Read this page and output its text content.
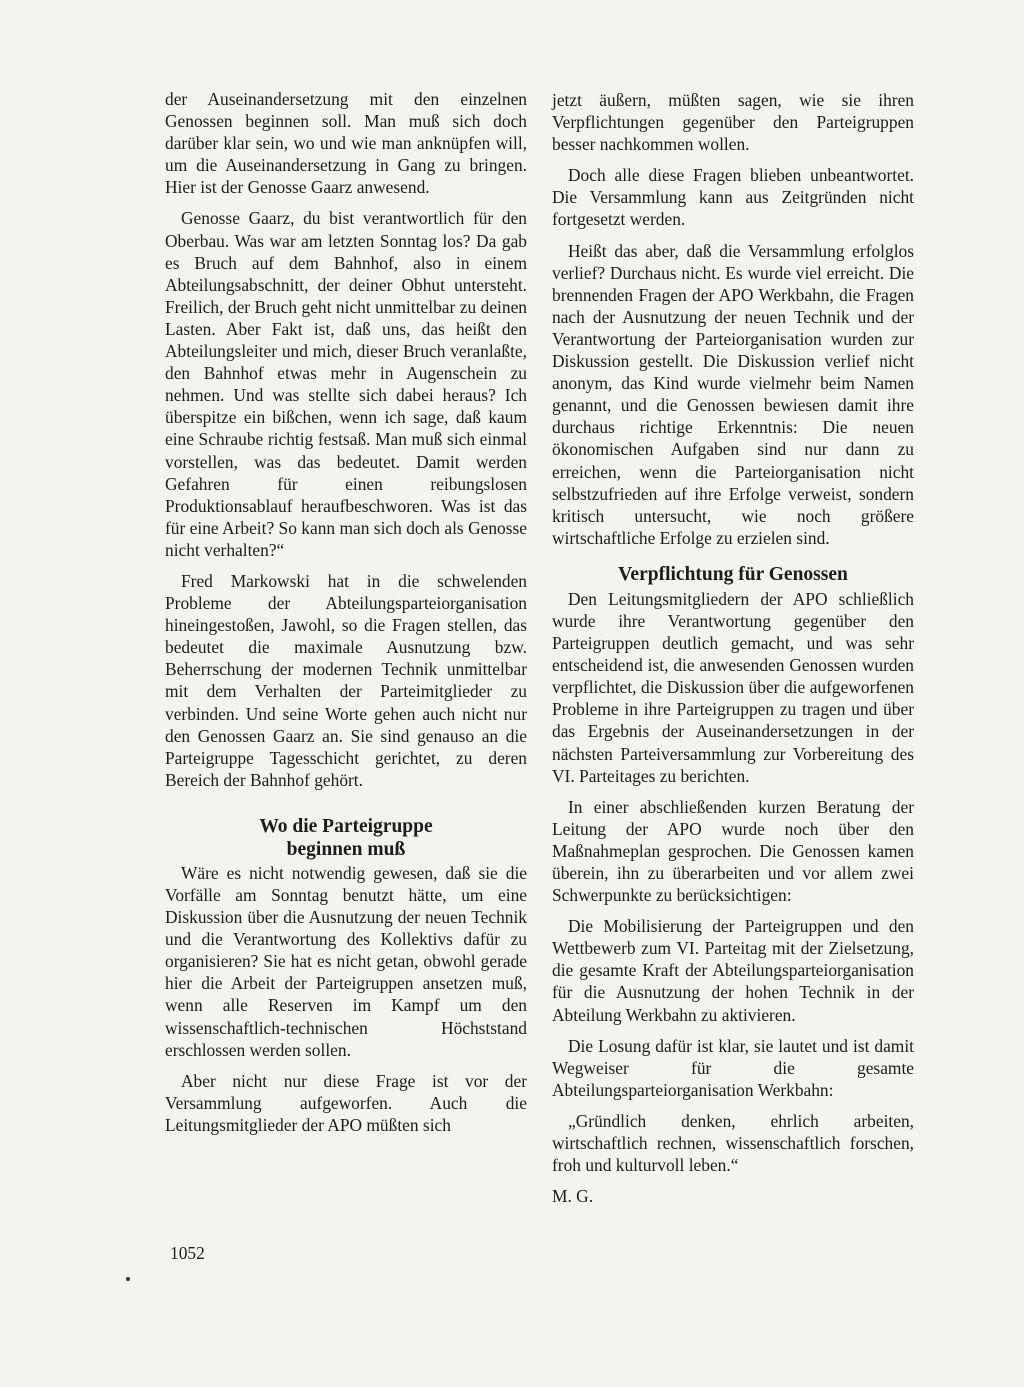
der Auseinandersetzung mit den einzelnen Genossen beginnen soll. Man muß sich doch darüber klar sein, wo und wie man anknüpfen will, um die Auseinandersetzung in Gang zu bringen. Hier ist der Genosse Gaarz anwesend.

Genosse Gaarz, du bist verantwortlich für den Oberbau. Was war am letzten Sonntag los? Da gab es Bruch auf dem Bahnhof, also in einem Abteilungsabschnitt, der deiner Obhut untersteht. Freilich, der Bruch geht nicht unmittelbar zu deinen Lasten. Aber Fakt ist, daß uns, das heißt den Abteilungsleiter und mich, dieser Bruch veranlaßte, den Bahnhof etwas mehr in Augenschein zu nehmen. Und was stellte sich dabei heraus? Ich überspitze ein bißchen, wenn ich sage, daß kaum eine Schraube richtig festsaß. Man muß sich einmal vorstellen, was das bedeutet. Damit werden Gefahren für einen reibungslosen Produktionsablauf heraufbeschworen. Was ist das für eine Arbeit? So kann man sich doch als Genosse nicht verhalten?“

Fred Markowski hat in die schwelenden Probleme der Abteilungsparteiorganisation hineingestoßen, Jawohl, so die Fragen stellen, das bedeutet die maximale Ausnutzung bzw. Beherrschung der modernen Technik unmittelbar mit dem Verhalten der Parteimitglieder zu verbinden. Und seine Worte gehen auch nicht nur den Genossen Gaarz an. Sie sind genauso an die Parteigruppe Tagesschicht gerichtet, zu deren Bereich der Bahnhof gehört.

Wo die Parteigruppe
beginnen muß

Wäre es nicht notwendig gewesen, daß sie die Vorfälle am Sonntag benutzt hätte, um eine Diskussion über die Ausnutzung der neuen Technik und die Verantwortung des Kollektivs dafür zu organisieren? Sie hat es nicht getan, obwohl gerade hier die Arbeit der Parteigruppen ansetzen muß, wenn alle Reserven im Kampf um den wissenschaftlich-technischen Höchststand erschlossen werden sollen.

Aber nicht nur diese Frage ist vor der Versammlung aufgeworfen. Auch die Leitungsmitglieder der APO müßten sich

jetzt äußern, müßten sagen, wie sie ihren Verpflichtungen gegenüber den Parteigruppen besser nachkommen wollen.

Doch alle diese Fragen blieben unbeantwortet. Die Versammlung kann aus Zeitgründen nicht fortgesetzt werden.

Heißt das aber, daß die Versammlung erfolglos verlief? Durchaus nicht. Es wurde viel erreicht. Die brennenden Fragen der APO Werkbahn, die Fragen nach der Ausnutzung der neuen Technik und der Verantwortung der Parteiorganisation wurden zur Diskussion gestellt. Die Diskussion verlief nicht anonym, das Kind wurde vielmehr beim Namen genannt, und die Genossen bewiesen damit ihre durchaus richtige Erkenntnis: Die neuen ökonomischen Aufgaben sind nur dann zu erreichen, wenn die Parteiorganisation nicht selbstzufrieden auf ihre Erfolge verweist, sondern kritisch untersucht, wie noch größere wirtschaftliche Erfolge zu erzielen sind.

Verpflichtung für Genossen

Den Leitungsmitgliedern der APO schließlich wurde ihre Verantwortung gegenüber den Parteigruppen deutlich gemacht, und was sehr entscheidend ist, die anwesenden Genossen wurden verpflichtet, die Diskussion über die aufgeworfenen Probleme in ihre Parteigruppen zu tragen und über das Ergebnis der Auseinandersetzungen in der nächsten Parteiversammlung zur Vorbereitung des VI. Parteitages zu berichten.

In einer abschließenden kurzen Beratung der Leitung der APO wurde noch über den Maßnahmeplan gesprochen. Die Genossen kamen überein, ihn zu überarbeiten und vor allem zwei Schwerpunkte zu berücksichtigen:

Die Mobilisierung der Parteigruppen und den Wettbewerb zum VI. Parteitag mit der Zielsetzung, die gesamte Kraft der Abteilungsparteiorganisation für die Ausnutzung der hohen Technik in der Abteilung Werkbahn zu aktivieren.

Die Losung dafür ist klar, sie lautet und ist damit Wegweiser für die gesamte Abteilungsparteiorganisation Werkbahn:

„Gründlich denken, ehrlich arbeiten, wirtschaftlich rechnen, wissenschaftlich forschen, froh und kulturvoll leben.“

M. G.

1052
